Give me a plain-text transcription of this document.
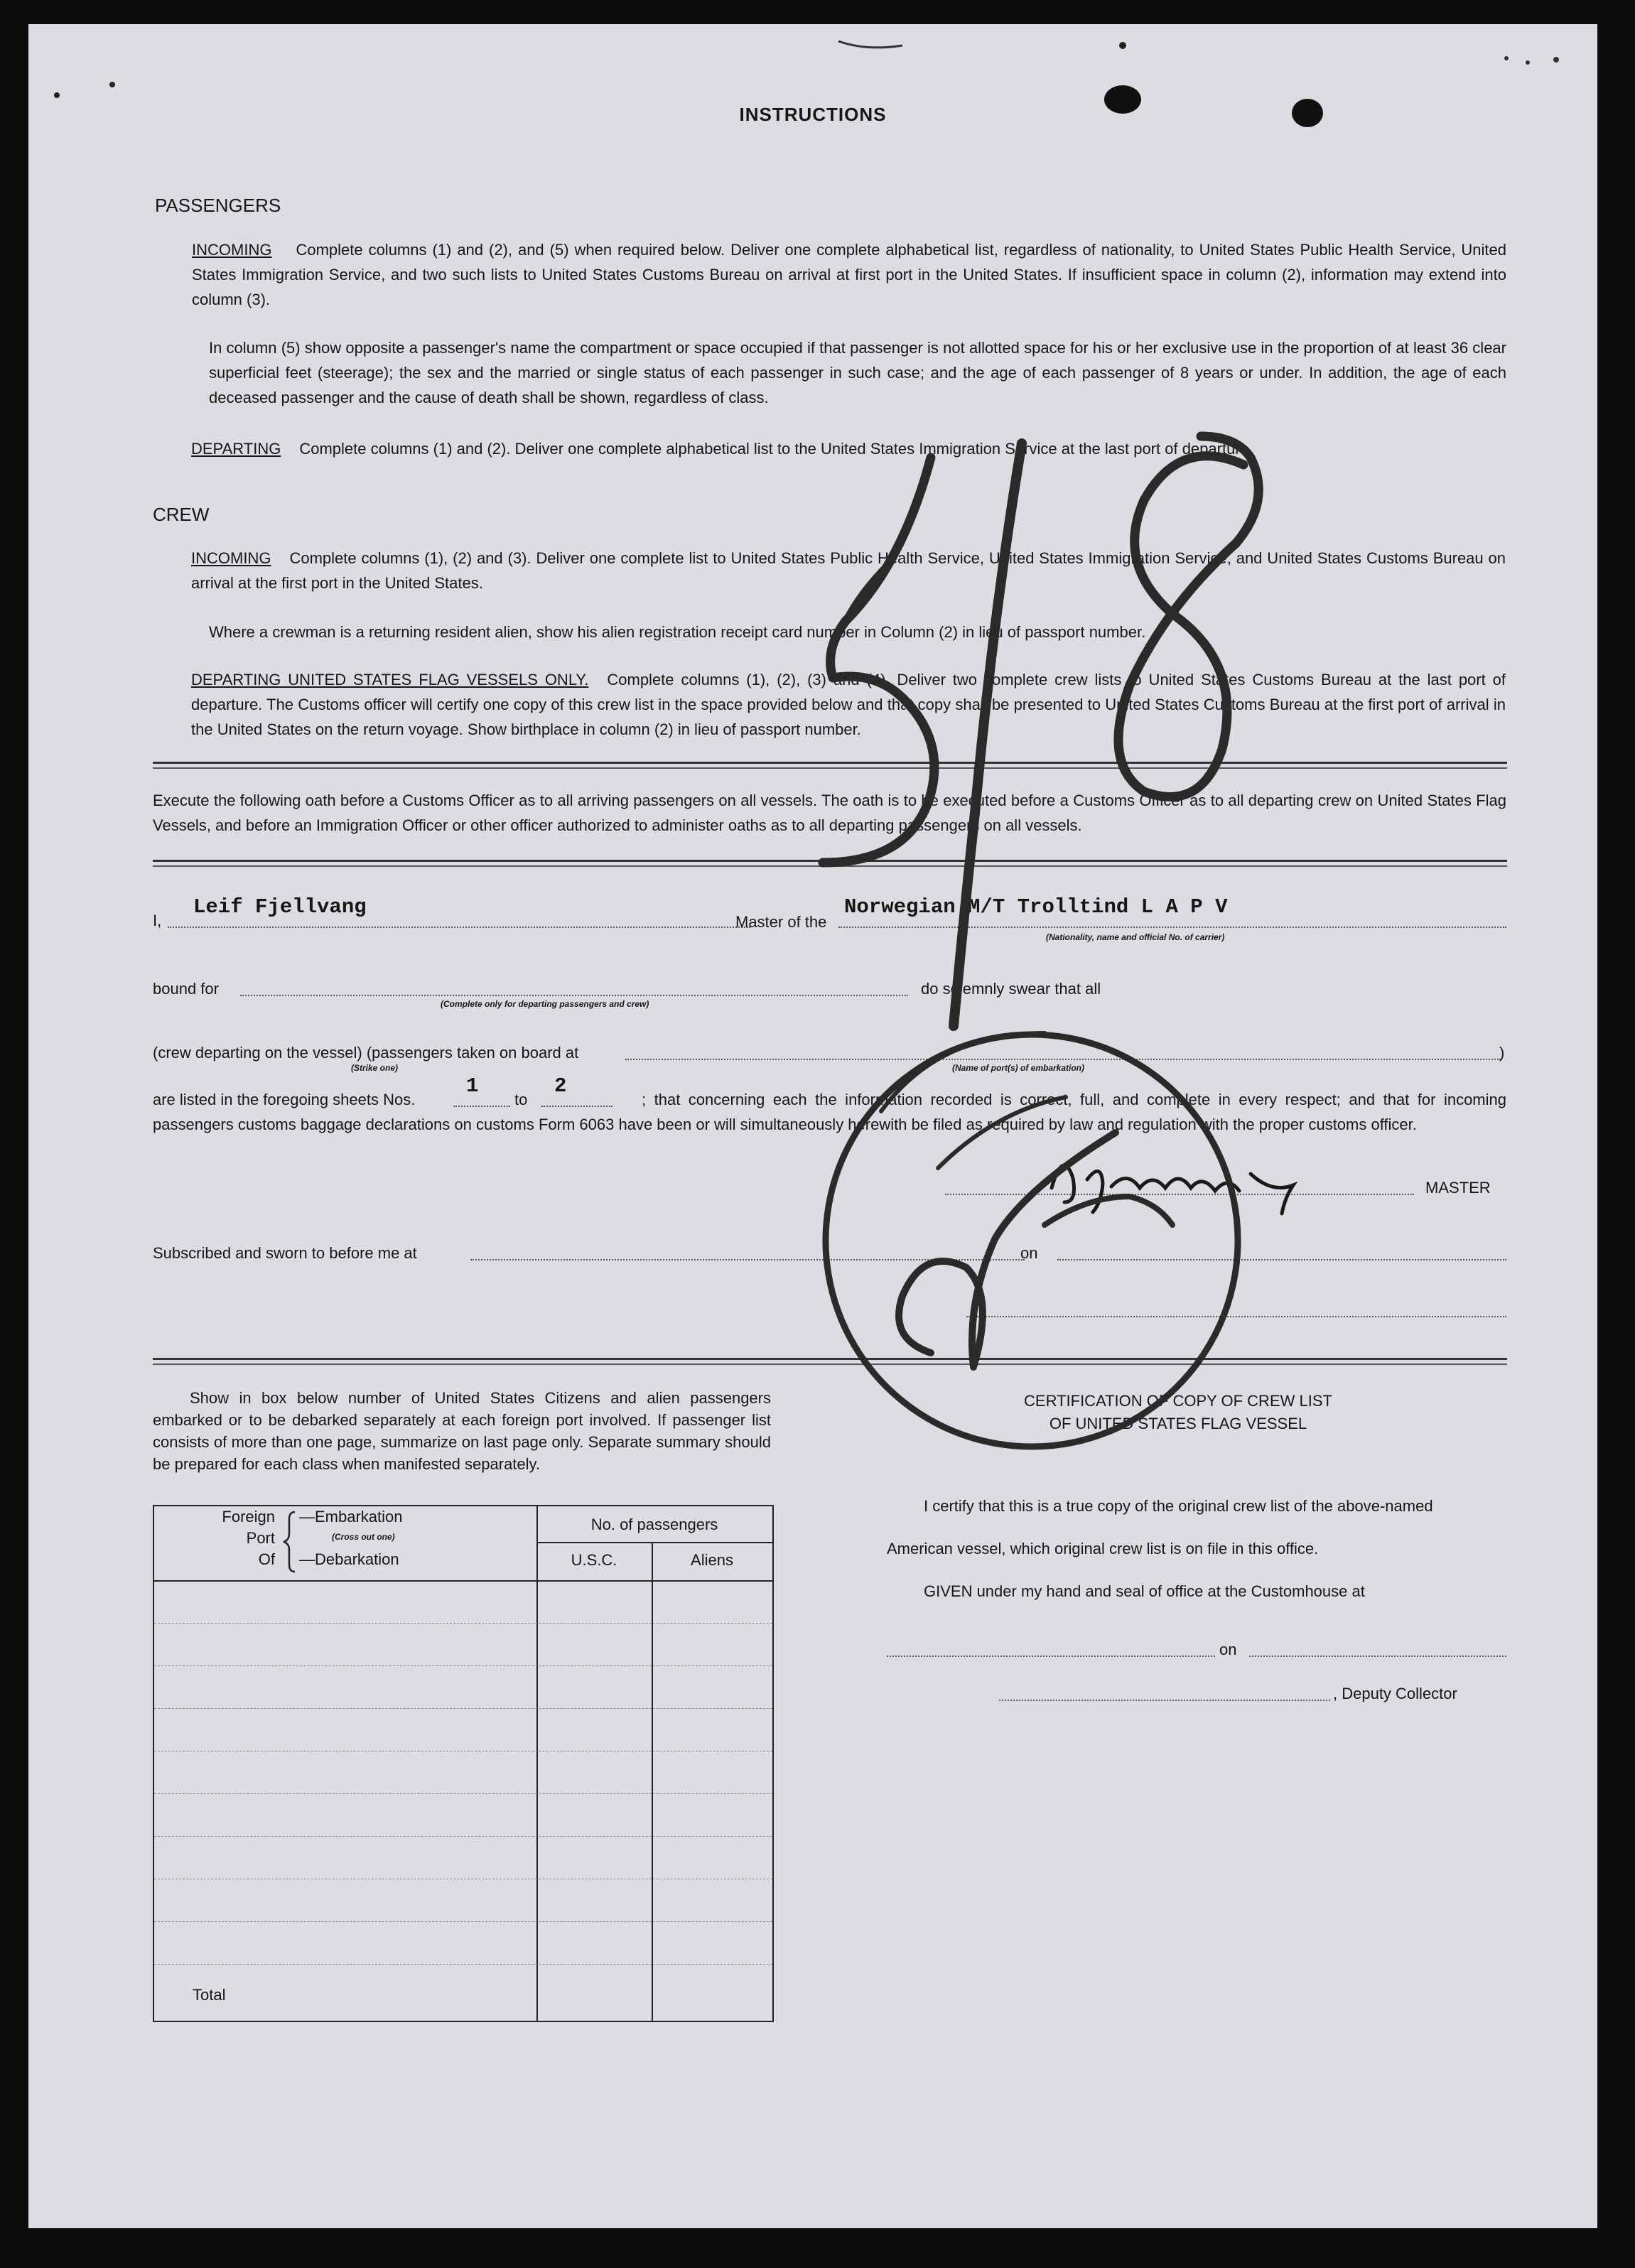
INSTRUCTIONS
PASSENGERS
INCOMING Complete columns (1) and (2), and (5) when required below. Deliver one complete alphabetical list, regardless of nationality, to United States Public Health Service, United States Immigration Service, and two such lists to United States Customs Bureau on arrival at first port in the United States. If insufficient space in column (2), information may extend into column (3).
In column (5) show opposite a passenger's name the compartment or space occupied if that passenger is not allotted space for his or her exclusive use in the proportion of at least 36 clear superficial feet (steerage); the sex and the married or single status of each passenger in such case; and the age of each passenger of 8 years or under. In addition, the age of each deceased passenger and the cause of death shall be shown, regardless of class.
DEPARTING Complete columns (1) and (2). Deliver one complete alphabetical list to the United States Immigration Service at the last port of departure.
CREW
INCOMING Complete columns (1), (2) and (3). Deliver one complete list to United States Public Health Service, United States Immigration Service, and United States Customs Bureau on arrival at the first port in the United States.
Where a crewman is a returning resident alien, show his alien registration receipt card number in Column (2) in lieu of passport number.
DEPARTING UNITED STATES FLAG VESSELS ONLY. Complete columns (1), (2), (3) and (4). Deliver two complete crew lists to United States Customs Bureau at the last port of departure. The Customs officer will certify one copy of this crew list in the space provided below and that copy shall be presented to United States Customs Bureau at the first port of arrival in the United States on the return voyage. Show birthplace in column (2) in lieu of passport number.
Execute the following oath before a Customs Officer as to all arriving passengers on all vessels. The oath is to be executed before a Customs Officer as to all departing crew on United States Flag Vessels, and before an Immigration Officer or other officer authorized to administer oaths as to all departing passengers on all vessels.
I,
Leif Fjellvang
Master of the
Norwegian M/T Trolltind L A P V
(Nationality, name and official No. of carrier)
bound for
(Complete only for departing passengers and crew)
do solemnly swear that all
(crew departing on the vessel) (passengers taken on board at	)
(Strike one)	(Name of port(s) of embarkation)
are listed in the foregoing sheets Nos.
1
to
2
; that concerning each the information recorded is correct, full, and complete in every respect; and that for incoming passengers customs baggage declarations on customs Form 6063 have been or will simultaneously herewith be filed as required by law and regulation with the proper customs officer.
MASTER
Subscribed and sworn to before me at	on
Show in box below number of United States Citizens and alien passengers embarked or to be debarked separately at each foreign port involved. If passenger list consists of more than one page, summarize on last page only. Separate summary should be prepared for each class when manifested separately.
Foreign
Port
Of
—Embarkation
(Cross out one)
—Debarkation
No. of passengers
U.S.C.	Aliens
Total
CERTIFICATION OF COPY OF CREW LIST
OF UNITED STATES FLAG VESSEL
I certify that this is a true copy of the original crew list of the above-named
American vessel, which original crew list is on file in this office.
GIVEN under my hand and seal of office at the Customhouse at
on
, Deputy Collector
